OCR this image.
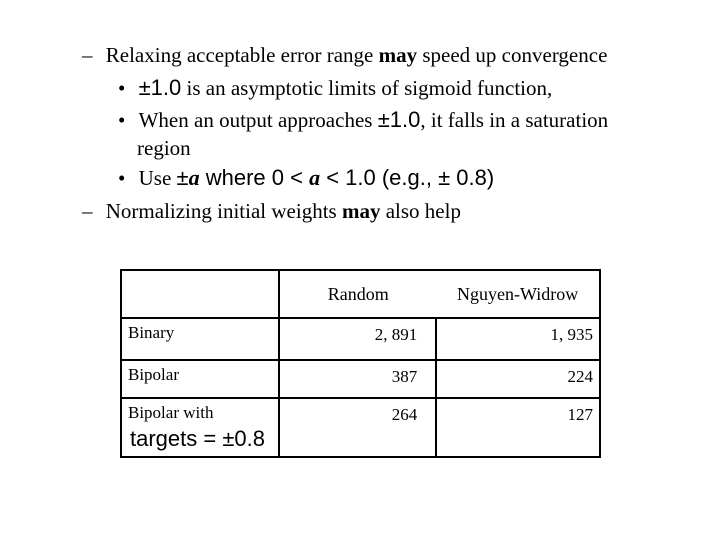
– Relaxing acceptable error range may speed up convergence
• ±1.0 is an asymptotic limits of sigmoid function,
• When an output approaches ±1.0, it falls in a saturation
region
• Use ±a where 0 < a < 1.0 (e.g., ± 0.8)
– Normalizing initial weights may also help
	Random	Nguyen-Widrow
Binary	2, 891	1, 935
Bipolar	387	224
Bipolar with
targets = ±0.8	264	127
